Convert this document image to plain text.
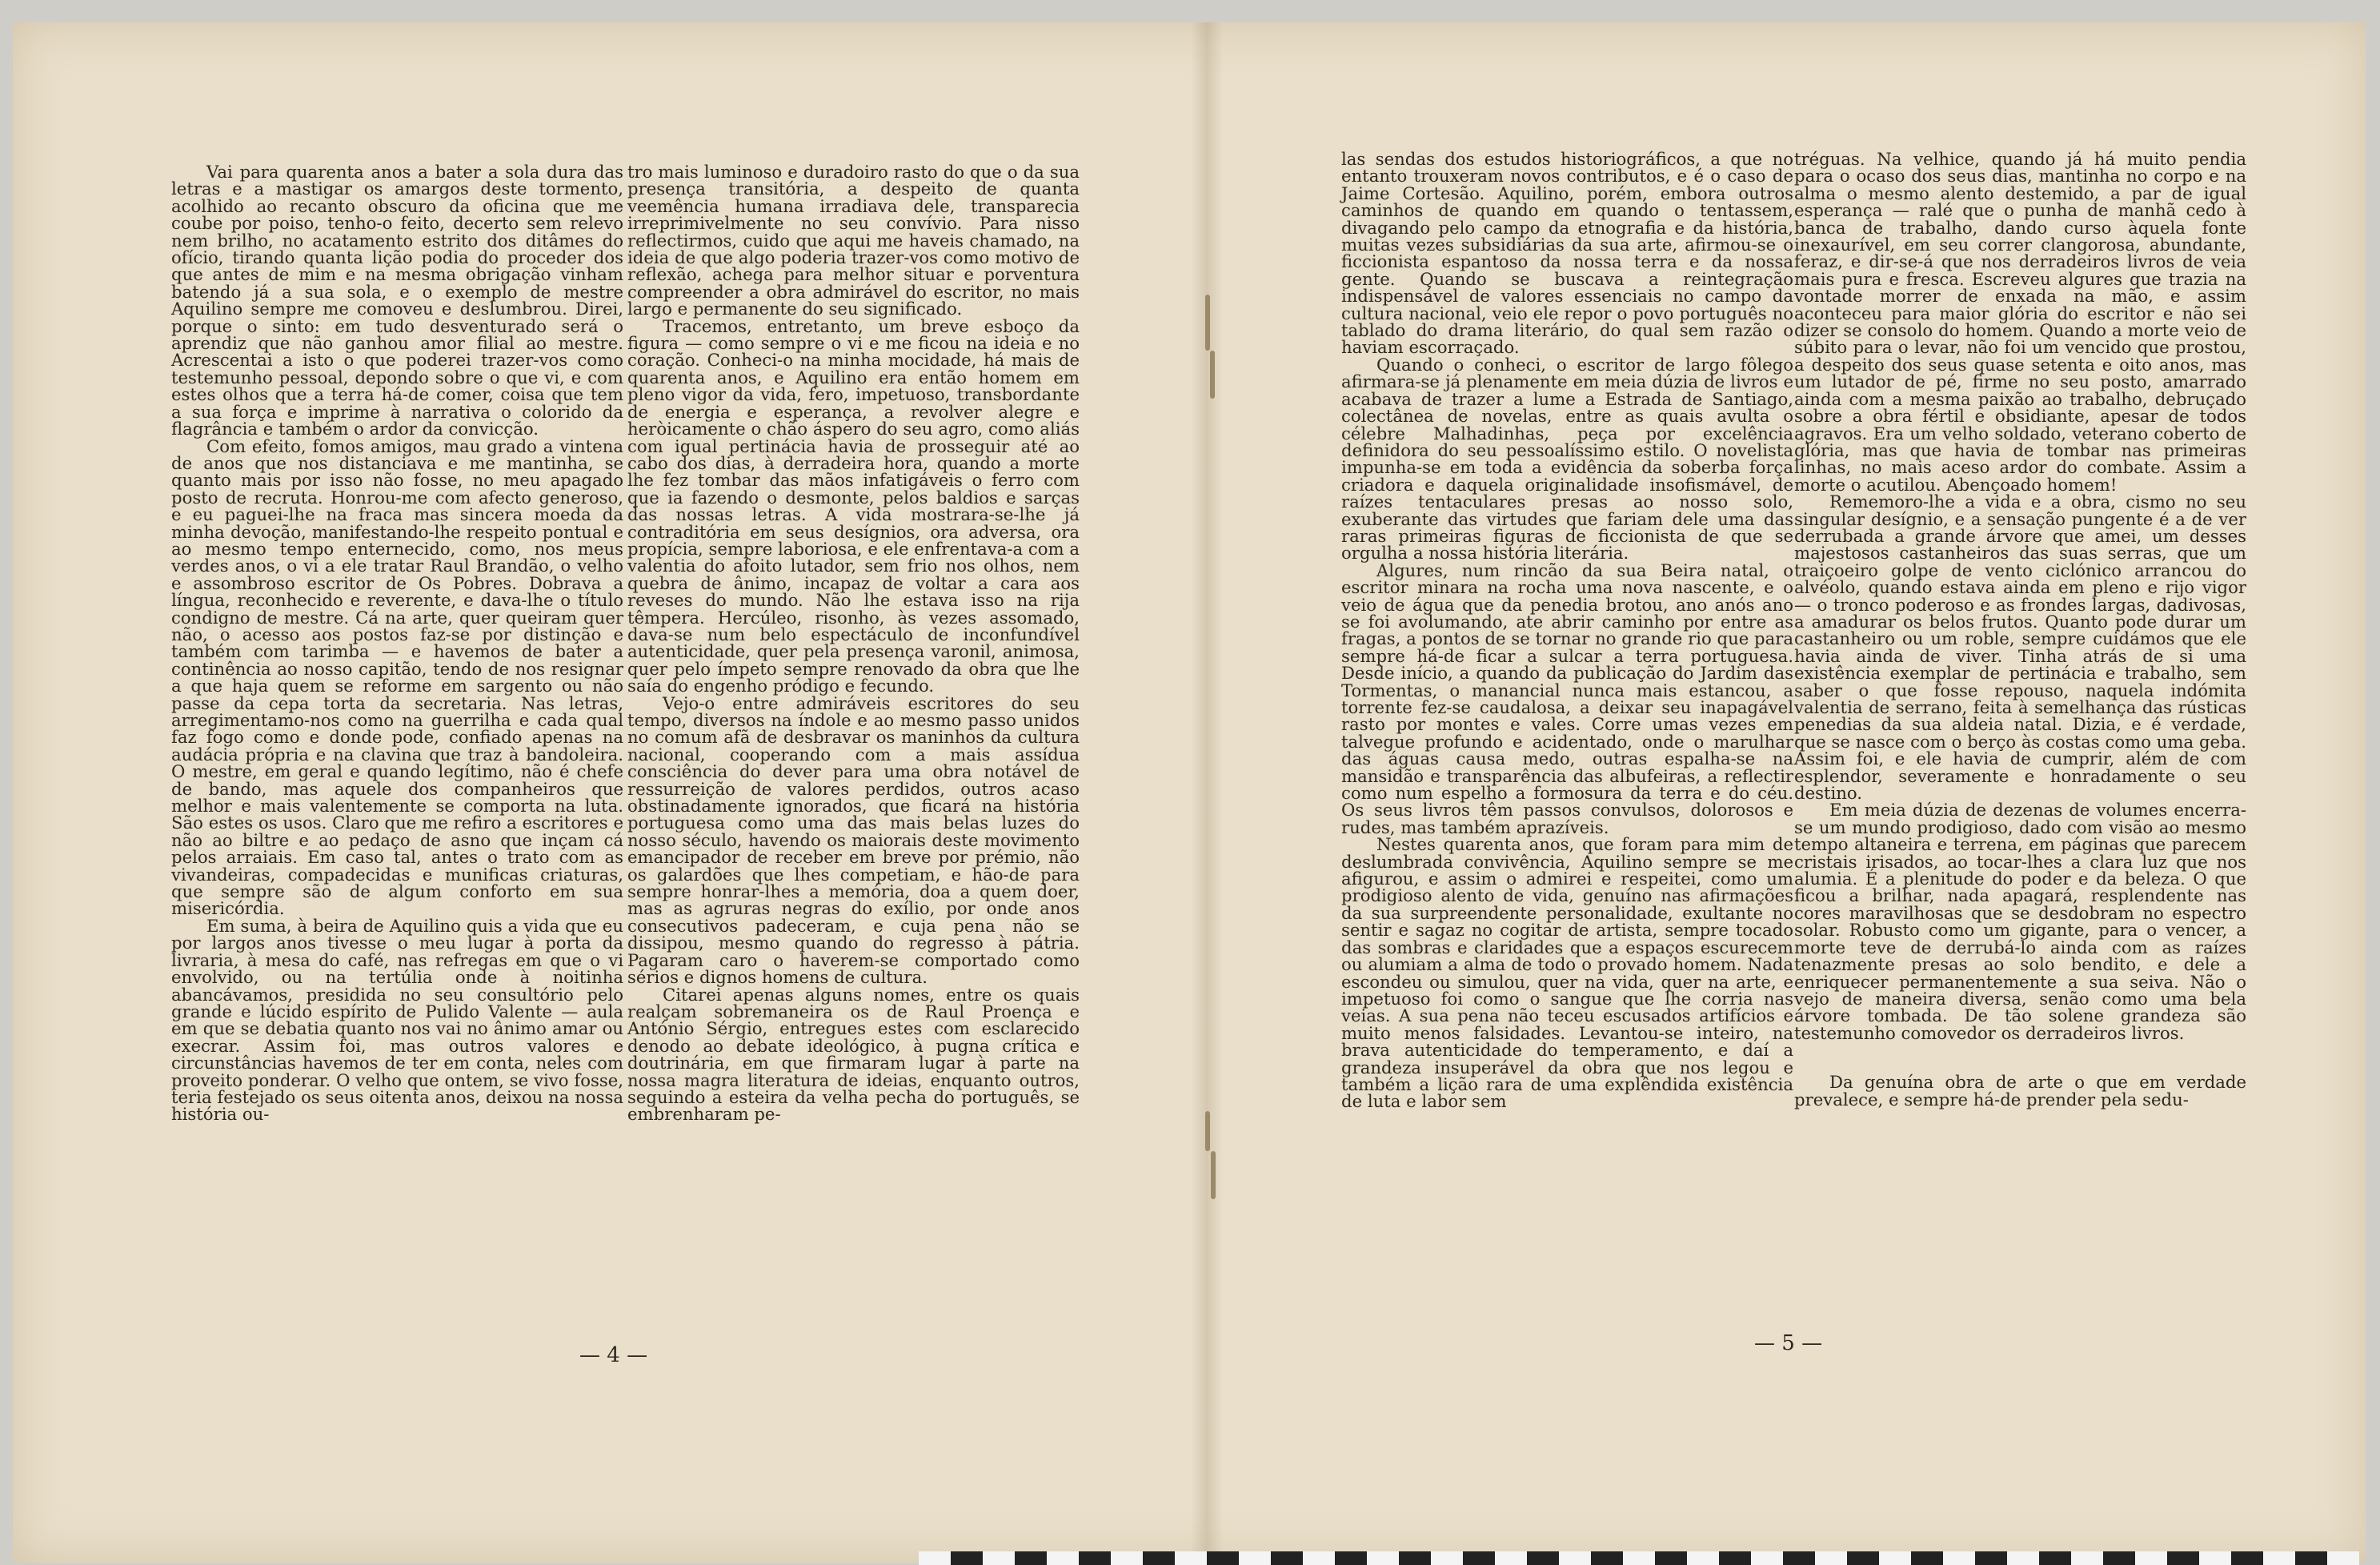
Vai para quarenta anos a bater a sola dura das letras e a mastigar os amargos deste tormento, acolhido ao recanto obscuro da oficina que me coube por poiso, tenho-o feito, decerto sem relevo nem brilho, no acatamento estrito dos ditâmes do ofício, tirando quanta lição podia do proceder dos que antes de mim e na mesma obrigação vinham batendo já a sua sola, e o exemplo de mestre Aquilino sempre me comoveu e deslumbrou. Direi, porque o sinto: em tudo desventurado será o aprendiz que não ganhou amor filial ao mestre. Acrescentai a isto o que poderei trazer-vos como testemunho pessoal, depondo sobre o que vi, e com estes olhos que a terra há-de comer, coisa que tem a sua força e imprime à narrativa o colorido da flagrância e também o ardor da convicção.

Com efeito, fomos amigos, mau grado a vintena de anos que nos distanciava e me mantinha, se quanto mais por isso não fosse, no meu apagado posto de recruta. Honrou-me com afecto generoso, e eu paguei-lhe na fraca mas sincera moeda da minha devoção, manifestando-lhe respeito pontual e ao mesmo tempo enternecido, como, nos meus verdes anos, o vi a ele tratar Raul Brandão, o velho e assombroso escritor de Os Pobres. Dobrava a língua, reconhecido e reverente, e dava-lhe o título condigno de mestre. Cá na arte, quer queiram quer não, o acesso aos postos faz-se por distinção e também com tarimba — e havemos de bater a continência ao nosso capitão, tendo de nos resignar a que haja quem se reforme em sargento ou não passe da cepa torta da secretaria. Nas letras, arregimentamo-nos como na guerrilha e cada qual faz fogo como e donde pode, confiado apenas na audácia própria e na clavina que traz à bandoleira. O mestre, em geral e quando legítimo, não é chefe de bando, mas aquele dos companheiros que melhor e mais valentemente se comporta na luta. São estes os usos. Claro que me refiro a escritores e não ao biltre e ao pedaço de asno que inçam cá pelos arraiais. Em caso tal, antes o trato com as vivandeiras, compadecidas e munificas criaturas, que sempre são de algum conforto em sua misericórdia.

Em suma, à beira de Aquilino quis a vida que eu por largos anos tivesse o meu lugar à porta da livraria, à mesa do café, nas refregas em que o vi envolvido, ou na tertúlia onde à noitinha abancávamos, presidida no seu consultório pelo grande e lúcido espírito de Pulido Valente — aula em que se debatia quanto nos vai no ânimo amar ou execrar. Assim foi, mas outros valores e circunstâncias havemos de ter em conta, neles com proveito ponderar. O velho que ontem, se vivo fosse, teria festejado os seus oitenta anos, deixou na nossa história ou-

tro mais luminoso e duradoiro rasto do que o da sua presença transitória, a despeito de quanta veemência humana irradiava dele, transparecia irreprimivelmente no seu convívio. Para nisso reflectirmos, cuido que aqui me haveis chamado, na ideia de que algo poderia trazer-vos como motivo de reflexão, achega para melhor situar e porventura compreender a obra admirável do escritor, no mais largo e permanente do seu significado.

Tracemos, entretanto, um breve esboço da figura — como sempre o vi e me ficou na ideia e no coração. Conheci-o na minha mocidade, há mais de quarenta anos, e Aquilino era então homem em pleno vigor da vida, fero, impetuoso, transbordante de energia e esperança, a revolver alegre e heròicamente o chão áspero do seu agro, como aliás com igual pertinácia havia de prosseguir até ao cabo dos dias, à derradeira hora, quando a morte lhe fez tombar das mãos infatigáveis o ferro com que ia fazendo o desmonte, pelos baldios e sarças das nossas letras. A vida mostrara-se-lhe já contraditória em seus desígnios, ora adversa, ora propícia, sempre laboriosa, e ele enfrentava-a com a valentia do afoito lutador, sem frio nos olhos, nem quebra de ânimo, incapaz de voltar a cara aos reveses do mundo. Não lhe estava isso na rija têmpera. Hercúleo, risonho, às vezes assomado, dava-se num belo espectáculo de inconfundível autenticidade, quer pela presença varonil, animosa, quer pelo ímpeto sempre renovado da obra que lhe saía do engenho pródigo e fecundo.

Vejo-o entre admiráveis escritores do seu tempo, diversos na índole e ao mesmo passo unidos no comum afã de desbravar os maninhos da cultura nacional, cooperando com a mais assídua consciência do dever para uma obra notável de ressurreição de valores perdidos, outros acaso obstinadamente ignorados, que ficará na história portuguesa como uma das mais belas luzes do nosso século, havendo os maiorais deste movimento emancipador de receber em breve por prémio, não os galardões que lhes competiam, e hão-de para sempre honrar-lhes a memória, doa a quem doer, mas as agruras negras do exílio, por onde anos consecutivos padeceram, e cuja pena não se dissipou, mesmo quando do regresso à pátria. Pagaram caro o haverem-se comportado como sérios e dignos homens de cultura.

Citarei apenas alguns nomes, entre os quais realçam sobremaneira os de Raul Proença e António Sérgio, entregues estes com esclarecido denodo ao debate ideológico, à pugna crítica e doutrinária, em que firmaram lugar à parte na nossa magra literatura de ideias, enquanto outros, seguindo a esteira da velha pecha do português, se embrenharam pe-

— 4 —

las sendas dos estudos historiográficos, a que no entanto trouxeram novos contributos, e é o caso de Jaime Cortesão. Aquilino, porém, embora outros caminhos de quando em quando o tentassem, divagando pelo campo da etnografia e da história, muitas vezes subsidiárias da sua arte, afirmou-se o ficcionista espantoso da nossa terra e da nossa gente. Quando se buscava a reintegração indispensável de valores essenciais no campo da cultura nacional, veio ele repor o povo português no tablado do drama literário, do qual sem razão o haviam escorraçado.

Quando o conheci, o escritor de largo fôlego afirmara-se já plenamente em meia dúzia de livros e acabava de trazer a lume a Estrada de Santiago, colectânea de novelas, entre as quais avulta o célebre Malhadinhas, peça por excelência definidora do seu pessoalíssimo estilo. O novelista impunha-se em toda a evidência da soberba força criadora e daquela originalidade insofismável, de raízes tentaculares presas ao nosso solo, exuberante das virtudes que fariam dele uma das raras primeiras figuras de ficcionista de que se orgulha a nossa história literária.

Algures, num rincão da sua Beira natal, o escritor minara na rocha uma nova nascente, e o veio de água que da penedia brotou, ano anós ano se foi avolumando, ate abrir caminho por entre as fragas, a pontos de se tornar no grande rio que para sempre há-de ficar a sulcar a terra portuguesa. Desde início, a quando da publicação do Jardim das Tormentas, o manancial nunca mais estancou, a torrente fez-se caudalosa, a deixar seu inapagável rasto por montes e vales. Corre umas vezes em talvegue profundo e acidentado, onde o marulhar das águas causa medo, outras espalha-se na mansidão e transparência das albufeiras, a reflectir como num espelho a formosura da terra e do céu. Os seus livros têm passos convulsos, dolorosos e rudes, mas também aprazíveis.

Nestes quarenta anos, que foram para mim de deslumbrada convivência, Aquilino sempre se me afigurou, e assim o admirei e respeitei, como um prodigioso alento de vida, genuíno nas afirmações da sua surpreendente personalidade, exultante no sentir e sagaz no cogitar de artista, sempre tocado das sombras e claridades que a espaços escurecem ou alumiam a alma de todo o provado homem. Nada escondeu ou simulou, quer na vida, quer na arte, e impetuoso foi como o sangue que lhe corria nas veias. A sua pena não teceu escusados artifícios e muito menos falsidades. Levantou-se inteiro, na brava autenticidade do temperamento, e daí a grandeza insuperável da obra que nos legou e também a lição rara de uma explêndida existência de luta e labor sem

tréguas. Na velhice, quando já há muito pendia para o ocaso dos seus dias, mantinha no corpo e na alma o mesmo alento destemido, a par de igual esperança — ralé que o punha de manhã cedo à banca de trabalho, dando curso àquela fonte inexaurível, em seu correr clangorosa, abundante, feraz, e dir-se-á que nos derradeiros livros de veia mais pura e fresca. Escreveu algures que trazia na vontade morrer de enxada na mão, e assim aconteceu para maior glória do escritor e não sei dizer se consolo do homem. Quando a morte veio de súbito para o levar, não foi um vencido que prostou, a despeito dos seus quase setenta e oito anos, mas um lutador de pé, firme no seu posto, amarrado ainda com a mesma paixão ao trabalho, debruçado sobre a obra fértil e obsidiante, apesar de todos agravos. Era um velho soldado, veterano coberto de glória, mas que havia de tombar nas primeiras linhas, no mais aceso ardor do combate. Assim a morte o acutilou. Abençoado homem!

Rememoro-lhe a vida e a obra, cismo no seu singular desígnio, e a sensação pungente é a de ver derrubada a grande árvore que amei, um desses majestosos castanheiros das suas serras, que um traiçoeiro golpe de vento ciclónico arrancou do alvéolo, quando estava ainda em pleno e rijo vigor — o tronco poderoso e as frondes largas, dadivosas, a amadurar os belos frutos. Quanto pode durar um castanheiro ou um roble, sempre cuidámos que ele havia ainda de viver. Tinha atrás de si uma existência exemplar de pertinácia e trabalho, sem saber o que fosse repouso, naquela indómita valentia de serrano, feita à semelhança das rústicas penedias da sua aldeia natal. Dizia, e é verdade, que se nasce com o berço às costas como uma geba. Assim foi, e ele havia de cumprir, além de com esplendor, severamente e honradamente o seu destino.

Em meia dúzia de dezenas de volumes encerra-se um mundo prodigioso, dado com visão ao mesmo tempo altaneira e terrena, em páginas que parecem cristais irisados, ao tocar-lhes a clara luz que nos alumia. É a plenitude do poder e da beleza. O que ficou a brilhar, nada apagará, resplendente nas cores maravilhosas que se desdobram no espectro solar. Robusto como um gigante, para o vencer, a morte teve de derrubá-lo ainda com as raízes tenazmente presas ao solo bendito, e dele a enriquecer permanentemente a sua seiva. Não o vejo de maneira diversa, senão como uma bela árvore tombada. De tão solene grandeza são testemunho comovedor os derradeiros livros.

Da genuína obra de arte o que em verdade prevalece, e sempre há-de prender pela sedu-

— 5 —
